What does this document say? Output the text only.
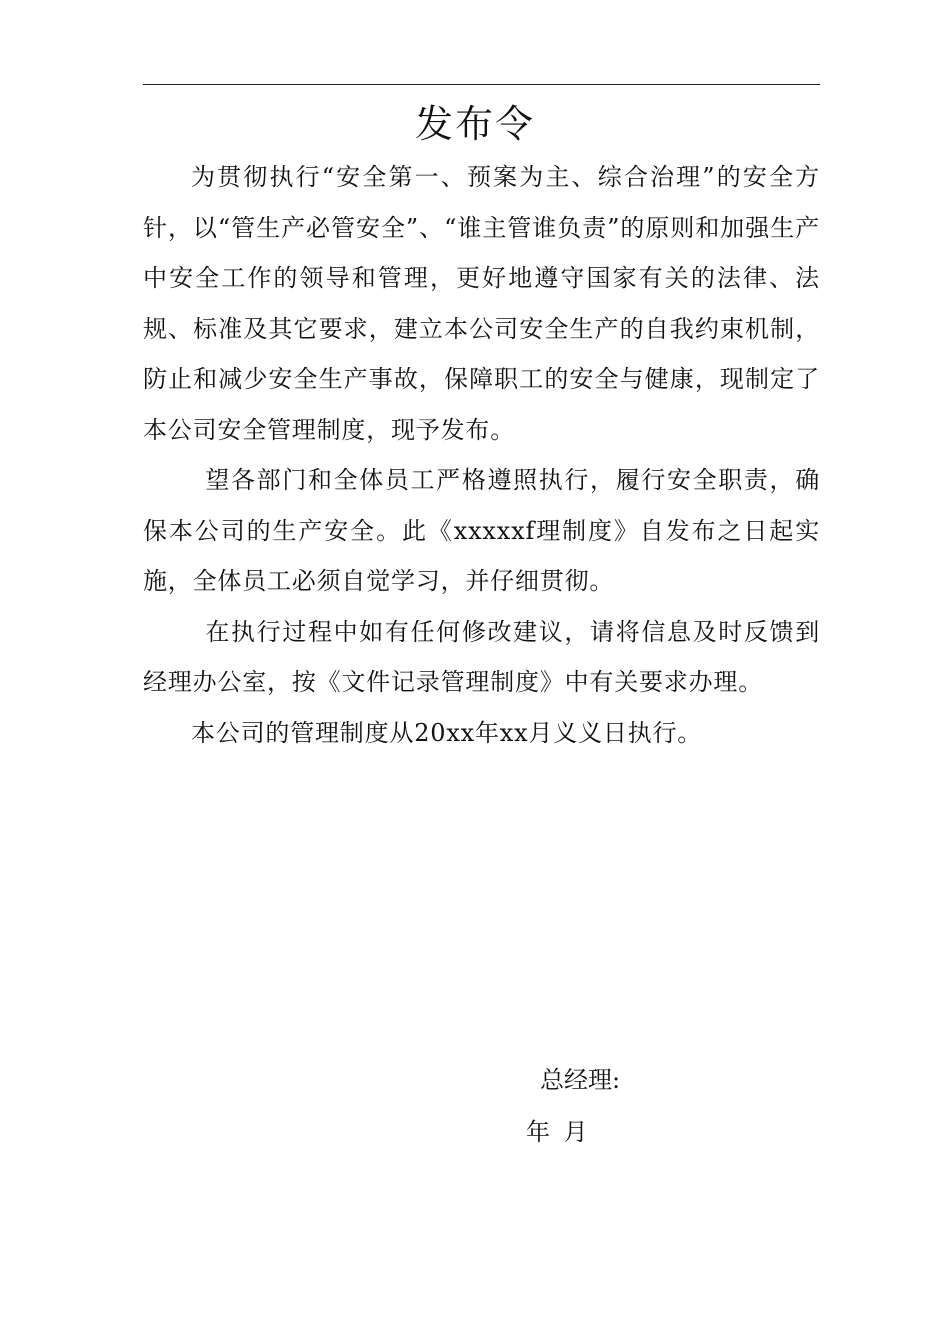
发布令

为贯彻执行“安全第一、预案为主、综合治理”的安全方针，以“管生产必管安全”、“谁主管谁负责”的原则和加强生产中安全工作的领导和管理，更好地遵守国家有关的法律、法规、标准及其它要求，建立本公司安全生产的自我约束机制，防止和减少安全生产事故，保障职工的安全与健康，现制定了本公司安全管理制度，现予发布。

望各部门和全体员工严格遵照执行，履行安全职责，确保本公司的生产安全。此《xxxxxf理制度》自发布之日起实施，全体员工必须自觉学习，并仔细贯彻。

在执行过程中如有任何修改建议，请将信息及时反馈到经理办公室，按《文件记录管理制度》中有关要求办理。

本公司的管理制度从20xx年xx月义义日执行。

总经理:
年 月
